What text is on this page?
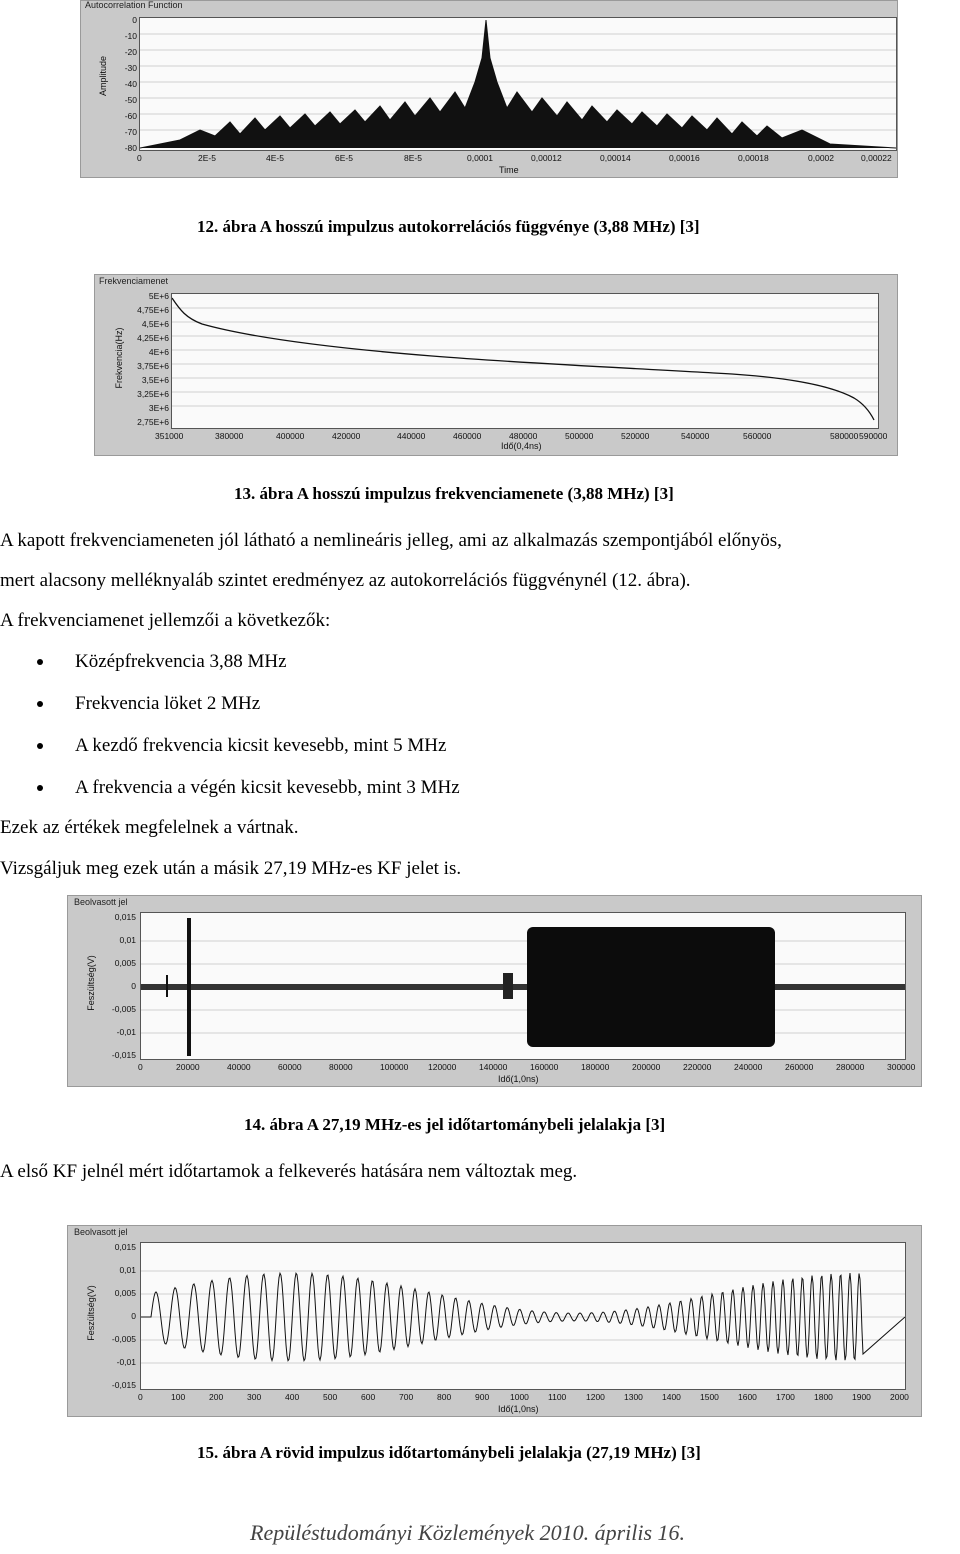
Autocorrelation Function
Amplitude
0
-10
-20
-30
-40
-50
-60
-70
-80
0	2E-5	4E-5	6E-5	8E-5	0,0001	0,00012	0,00014	0,00016	0,00018	0,0002	0,00022
Time
12. ábra A hosszú impulzus autokorrelációs függvénye (3,88 MHz) [3]
Frekvenciamenet
Frekvencia(Hz)
5E+6
4,75E+6
4,5E+6
4,25E+6
4E+6
3,75E+6
3,5E+6
3,25E+6
3E+6
2,75E+6
351000	380000	400000	420000	440000	460000	480000	500000	520000	540000	560000	580000 590000
Idő(0,4ns)
13. ábra A hosszú impulzus frekvenciamenete (3,88 MHz) [3]
A kapott frekvenciameneten jól látható a nemlineáris jelleg, ami az alkalmazás szempontjából előnyös,
mert alacsony melléknyaláb szintet eredményez az autokorrelációs függvénynél (12. ábra).
A frekvenciamenet jellemzői a következők:
Középfrekvencia 3,88 MHz
Frekvencia löket 2 MHz
A kezdő frekvencia kicsit kevesebb, mint 5 MHz
A frekvencia a végén kicsit kevesebb, mint 3 MHz
Ezek az értékek megfelelnek a vártnak.
Vizsgáljuk meg ezek után a másik 27,19 MHz-es KF jelet is.
Beolvasott jel
Feszültség(V)
0,015
0,01
0,005
0
-0,005
-0,01
-0,015
0	20000	40000	60000	80000	100000 120000	140000	160000	180000	200000	220000	240000	260000	280000	300000
Idő(1,0ns)
14. ábra A 27,19 MHz-es jel időtartománybeli jelalakja [3]
A első KF jelnél mért időtartamok a felkeverés hatására nem változtak meg.
Beolvasott jel
Feszültség(V)
0,015
0,01
0,005
0
-0,005
-0,01
-0,015
0	100	200	300	400	500	600	700	800	900 1000 1100 1200 1300 1400 1500 1600 1700 1800 1900 2000
Idő(1,0ns)
15. ábra A rövid impulzus időtartománybeli jelalakja (27,19 MHz) [3]
Repüléstudományi Közlemények 2010. április 16.
